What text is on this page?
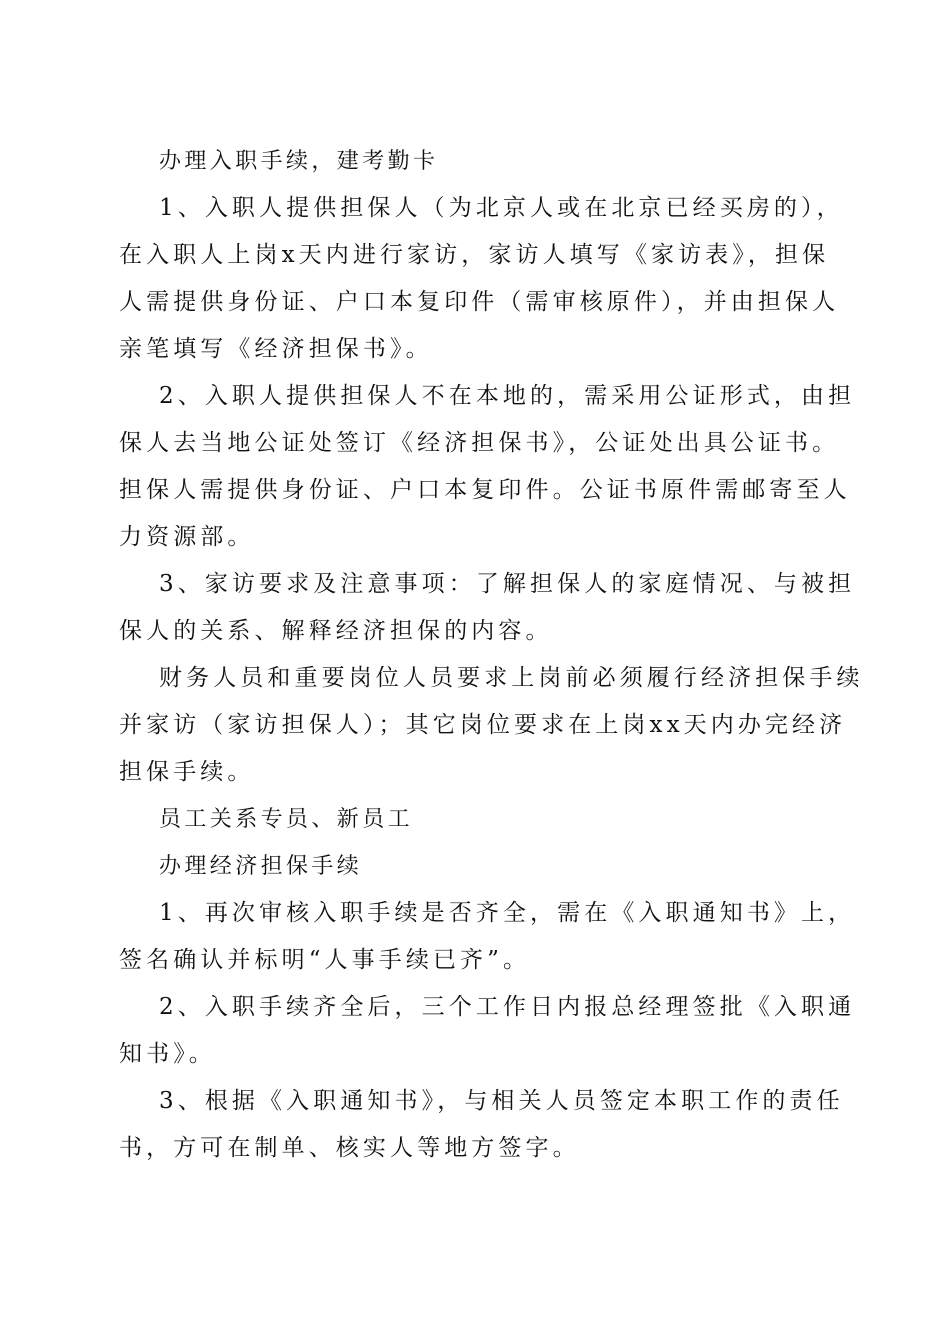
办理入职手续，建考勤卡
1、入职人提供担保人（为北京人或在北京已经买房的），
在入职人上岗x天内进行家访，家访人填写《家访表》，担保
人需提供身份证、户口本复印件（需审核原件），并由担保人
亲笔填写《经济担保书》。
2、入职人提供担保人不在本地的，需采用公证形式，由担
保人去当地公证处签订《经济担保书》，公证处出具公证书。
担保人需提供身份证、户口本复印件。公证书原件需邮寄至人
力资源部。
3、家访要求及注意事项：了解担保人的家庭情况、与被担
保人的关系、解释经济担保的内容。
财务人员和重要岗位人员要求上岗前必须履行经济担保手续
并家访（家访担保人）；其它岗位要求在上岗xx天内办完经济
担保手续。
员工关系专员、新员工
办理经济担保手续
1、再次审核入职手续是否齐全，需在《入职通知书》上，
签名确认并标明“人事手续已齐”。
2、入职手续齐全后，三个工作日内报总经理签批《入职通
知书》。
3、根据《入职通知书》，与相关人员签定本职工作的责任
书，方可在制单、核实人等地方签字。
